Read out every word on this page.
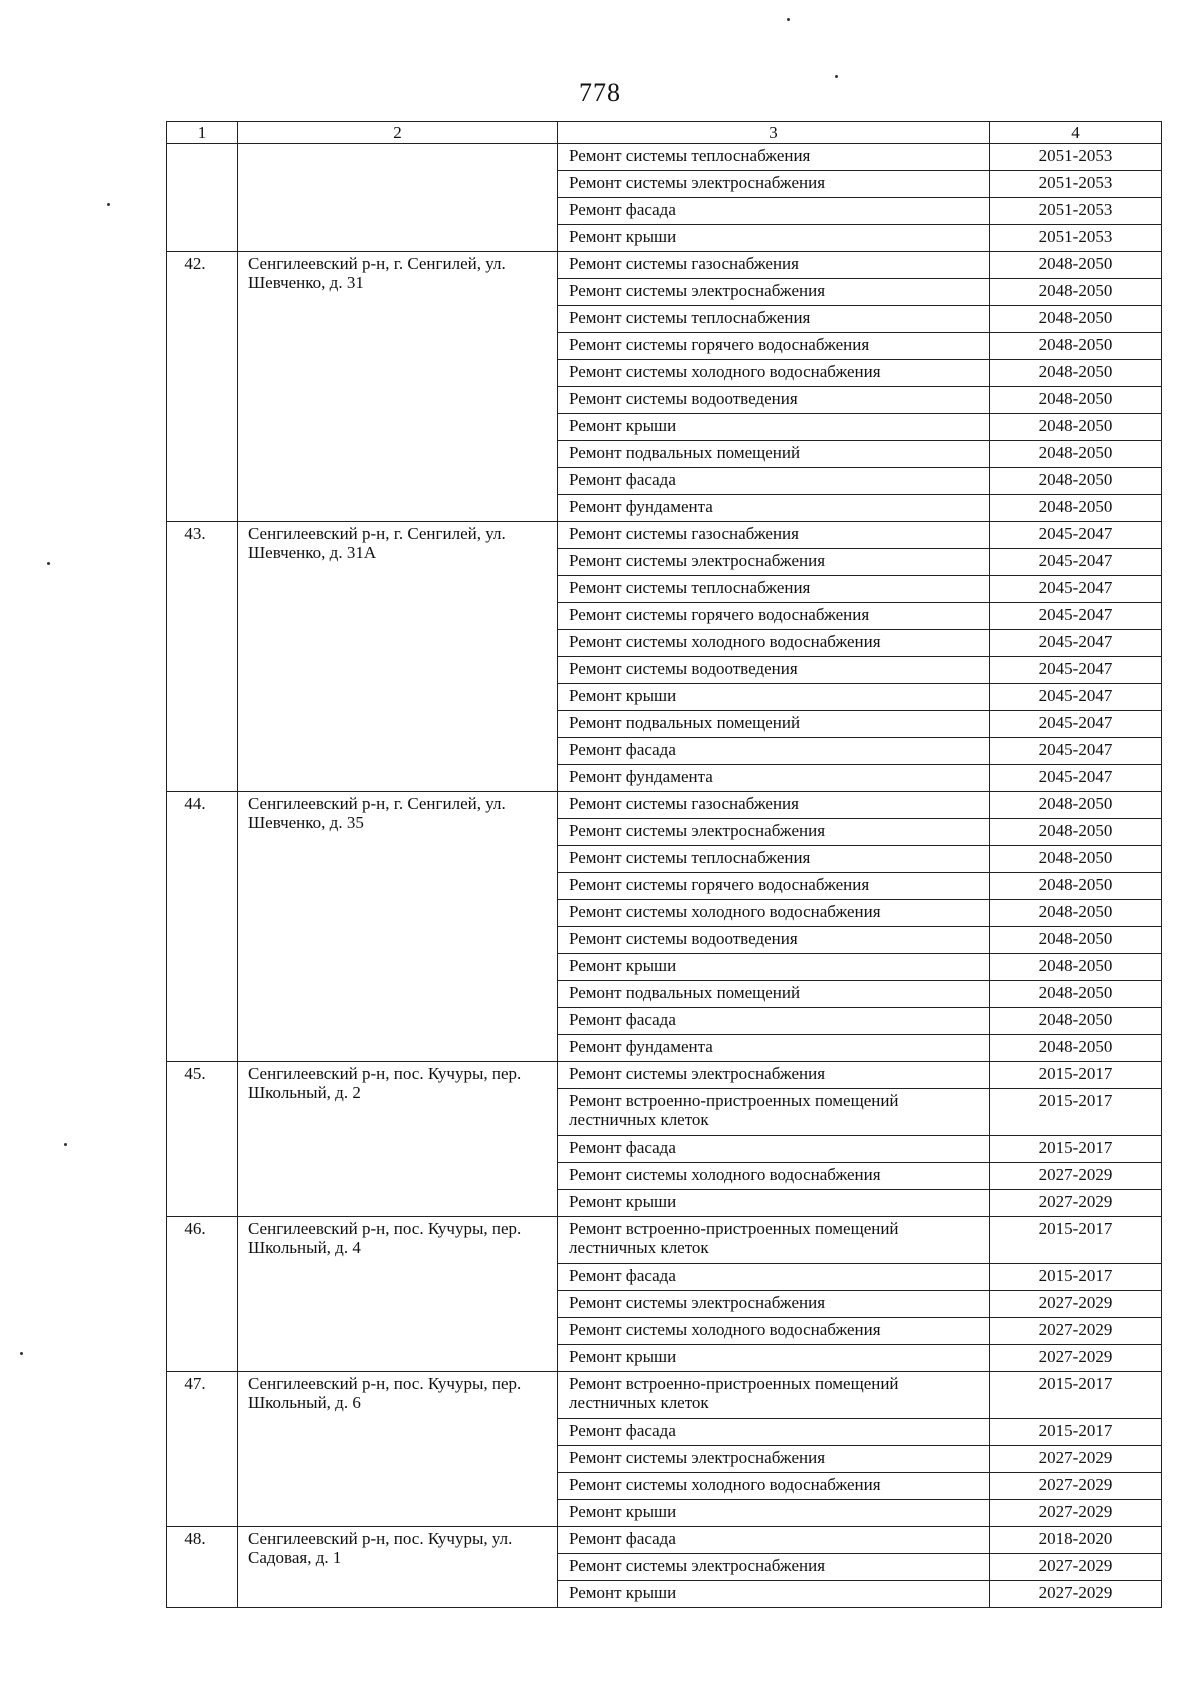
778
1	2	3	4
		Ремонт системы теплоснабжения	2051-2053
		Ремонт системы электроснабжения	2051-2053
		Ремонт фасада	2051-2053
		Ремонт крыши	2051-2053
42.	Сенгилеевский р-н, г. Сенгилей, ул. Шевченко, д. 31	Ремонт системы газоснабжения	2048-2050
		Ремонт системы электроснабжения	2048-2050
		Ремонт системы теплоснабжения	2048-2050
		Ремонт системы горячего водоснабжения	2048-2050
		Ремонт системы холодного водоснабжения	2048-2050
		Ремонт системы водоотведения	2048-2050
		Ремонт крыши	2048-2050
		Ремонт подвальных помещений	2048-2050
		Ремонт фасада	2048-2050
		Ремонт фундамента	2048-2050
43.	Сенгилеевский р-н, г. Сенгилей, ул. Шевченко, д. 31А	Ремонт системы газоснабжения	2045-2047
		Ремонт системы электроснабжения	2045-2047
		Ремонт системы теплоснабжения	2045-2047
		Ремонт системы горячего водоснабжения	2045-2047
		Ремонт системы холодного водоснабжения	2045-2047
		Ремонт системы водоотведения	2045-2047
		Ремонт крыши	2045-2047
		Ремонт подвальных помещений	2045-2047
		Ремонт фасада	2045-2047
		Ремонт фундамента	2045-2047
44.	Сенгилеевский р-н, г. Сенгилей, ул. Шевченко, д. 35	Ремонт системы газоснабжения	2048-2050
		Ремонт системы электроснабжения	2048-2050
		Ремонт системы теплоснабжения	2048-2050
		Ремонт системы горячего водоснабжения	2048-2050
		Ремонт системы холодного водоснабжения	2048-2050
		Ремонт системы водоотведения	2048-2050
		Ремонт крыши	2048-2050
		Ремонт подвальных помещений	2048-2050
		Ремонт фасада	2048-2050
		Ремонт фундамента	2048-2050
45.	Сенгилеевский р-н, пос. Кучуры, пер. Школьный, д. 2	Ремонт системы электроснабжения	2015-2017
		Ремонт встроенно-пристроенных помещений лестничных клеток	2015-2017
		Ремонт фасада	2015-2017
		Ремонт системы холодного водоснабжения	2027-2029
		Ремонт крыши	2027-2029
46.	Сенгилеевский р-н, пос. Кучуры, пер. Школьный, д. 4	Ремонт встроенно-пристроенных помещений лестничных клеток	2015-2017
		Ремонт фасада	2015-2017
		Ремонт системы электроснабжения	2027-2029
		Ремонт системы холодного водоснабжения	2027-2029
		Ремонт крыши	2027-2029
47.	Сенгилеевский р-н, пос. Кучуры, пер. Школьный, д. 6	Ремонт встроенно-пристроенных помещений лестничных клеток	2015-2017
		Ремонт фасада	2015-2017
		Ремонт системы электроснабжения	2027-2029
		Ремонт системы холодного водоснабжения	2027-2029
		Ремонт крыши	2027-2029
48.	Сенгилеевский р-н, пос. Кучуры, ул. Садовая, д. 1	Ремонт фасада	2018-2020
		Ремонт системы электроснабжения	2027-2029
		Ремонт крыши	2027-2029
